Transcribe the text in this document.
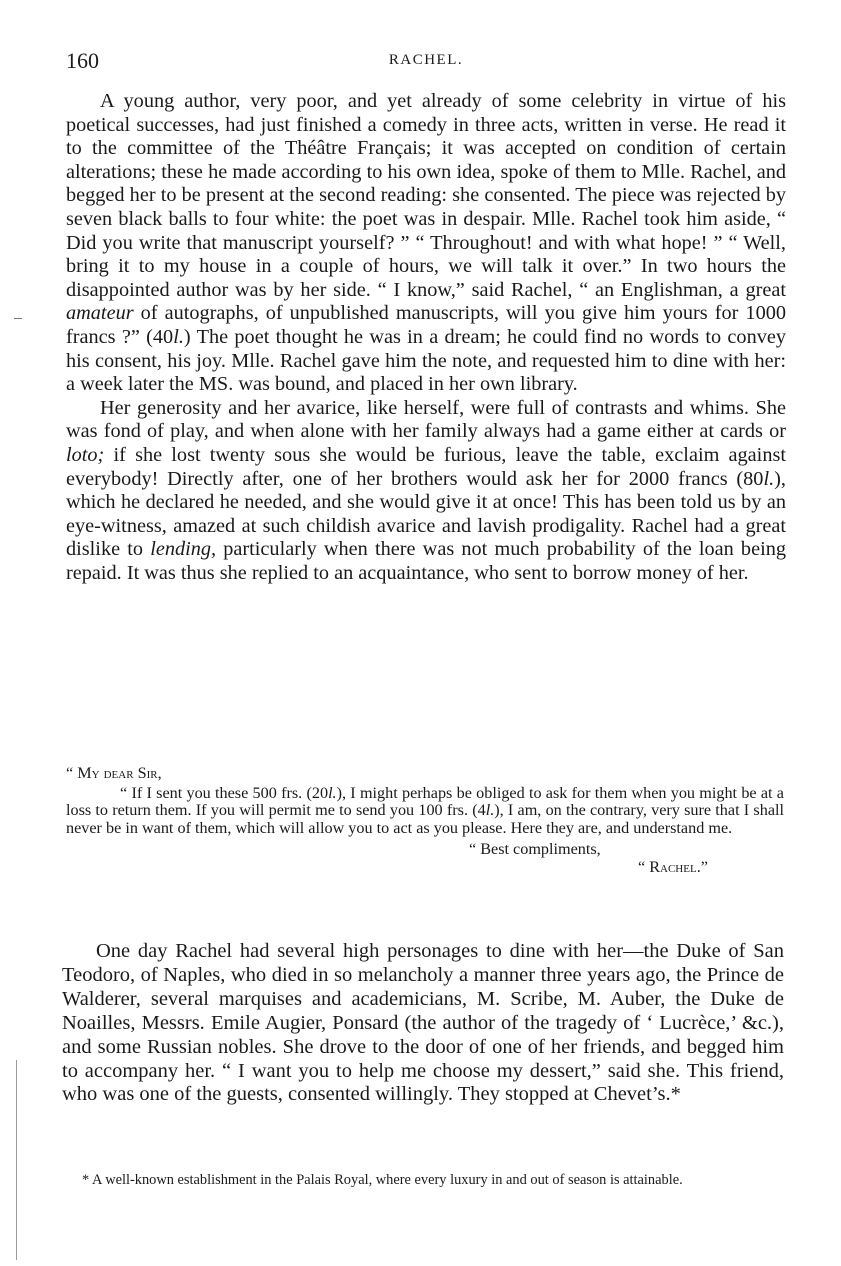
160	RACHEL.

A young author, very poor, and yet already of some celebrity in virtue of his poetical successes, had just finished a comedy in three acts, written in verse. He read it to the committee of the Théâtre Français; it was accepted on condition of certain alterations; these he made according to his own idea, spoke of them to Mlle. Rachel, and begged her to be present at the second reading: she consented. The piece was rejected by seven black balls to four white: the poet was in despair. Mlle. Rachel took him aside, “ Did you write that manuscript yourself? ” “ Throughout! and with what hope! ” “ Well, bring it to my house in a couple of hours, we will talk it over.” In two hours the disappointed author was by her side. “ I know,” said Rachel, “ an Englishman, a great amateur of autographs, of unpublished manuscripts, will you give him yours for 1000 francs ?” (40l.) The poet thought he was in a dream; he could find no words to convey his consent, his joy. Mlle. Rachel gave him the note, and requested him to dine with her: a week later the MS. was bound, and placed in her own library.

Her generosity and her avarice, like herself, were full of contrasts and whims. She was fond of play, and when alone with her family always had a game either at cards or loto; if she lost twenty sous she would be furious, leave the table, exclaim against everybody! Directly after, one of her brothers would ask her for 2000 francs (80l.), which he declared he needed, and she would give it at once! This has been told us by an eye-witness, amazed at such childish avarice and lavish prodigality. Rachel had a great dislike to lending, particularly when there was not much probability of the loan being repaid. It was thus she replied to an acquaintance, who sent to borrow money of her.

“ My dear Sir,

“ If I sent you these 500 frs. (20l.), I might perhaps be obliged to ask for them when you might be at a loss to return them. If you will permit me to send you 100 frs. (4l.), I am, on the contrary, very sure that I shall never be in want of them, which will allow you to act as you please. Here they are, and understand me.

“ Best compliments,

“ Rachel.”

One day Rachel had several high personages to dine with her—the Duke of San Teodoro, of Naples, who died in so melancholy a manner three years ago, the Prince de Walderer, several marquises and academicians, M. Scribe, M. Auber, the Duke de Noailles, Messrs. Emile Augier, Ponsard (the author of the tragedy of ‘ Lucrèce,’ &c.), and some Russian nobles. She drove to the door of one of her friends, and begged him to accompany her. “ I want you to help me choose my dessert,” said she. This friend, who was one of the guests, consented willingly. They stopped at Chevet’s.*

* A well-known establishment in the Palais Royal, where every luxury in and out of season is attainable.
